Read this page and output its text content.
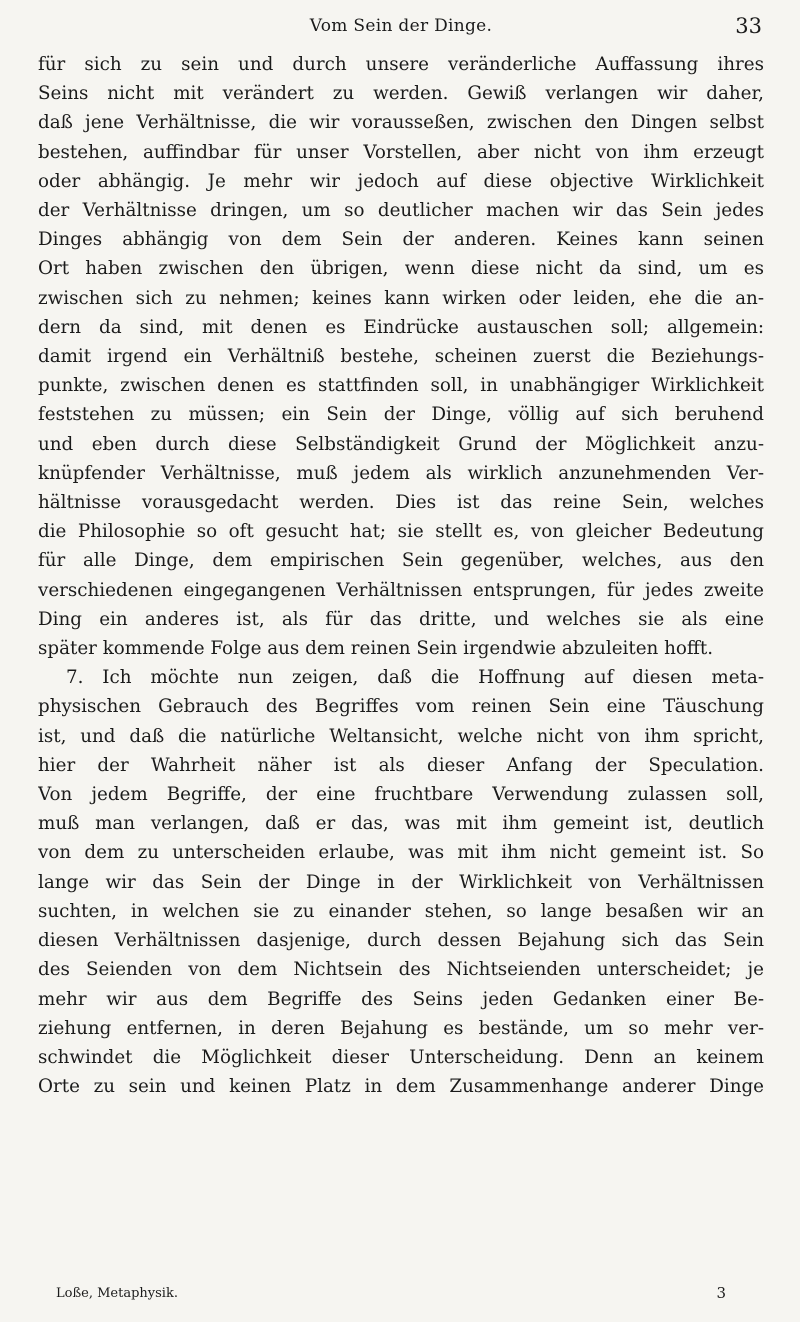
Vom Sein der Dinge.	33
für sich zu sein und durch unsere veränderliche Auffassung ihres
Seins nicht mit verändert zu werden. Gewiß verlangen wir daher,
daß jene Verhältnisse, die wir vorausseßen, zwischen den Dingen selbst
bestehen, auffindbar für unser Vorstellen, aber nicht von ihm erzeugt
oder abhängig. Je mehr wir jedoch auf diese objective Wirklichkeit
der Verhältnisse dringen, um so deutlicher machen wir das Sein jedes
Dinges abhängig von dem Sein der anderen. Keines kann seinen
Ort haben zwischen den übrigen, wenn diese nicht da sind, um es
zwischen sich zu nehmen; keines kann wirken oder leiden, ehe die an-
dern da sind, mit denen es Eindrücke austauschen soll; allgemein:
damit irgend ein Verhältniß bestehe, scheinen zuerst die Beziehungs-
punkte, zwischen denen es stattfinden soll, in unabhängiger Wirklichkeit
feststehen zu müssen; ein Sein der Dinge, völlig auf sich beruhend
und eben durch diese Selbständigkeit Grund der Möglichkeit anzu-
knüpfender Verhältnisse, muß jedem als wirklich anzunehmenden Ver-
hältnisse vorausgedacht werden. Dies ist das reine Sein, welches
die Philosophie so oft gesucht hat; sie stellt es, von gleicher Bedeutung
für alle Dinge, dem empirischen Sein gegenüber, welches, aus den
verschiedenen eingegangenen Verhältnissen entsprungen, für jedes zweite
Ding ein anderes ist, als für das dritte, und welches sie als eine
später kommende Folge aus dem reinen Sein irgendwie abzuleiten hofft.
7. Ich möchte nun zeigen, daß die Hoffnung auf diesen meta-
physischen Gebrauch des Begriffes vom reinen Sein eine Täuschung
ist, und daß die natürliche Weltansicht, welche nicht von ihm spricht,
hier der Wahrheit näher ist als dieser Anfang der Speculation.
Von jedem Begriffe, der eine fruchtbare Verwendung zulassen soll,
muß man verlangen, daß er das, was mit ihm gemeint ist, deutlich
von dem zu unterscheiden erlaube, was mit ihm nicht gemeint ist. So
lange wir das Sein der Dinge in der Wirklichkeit von Verhältnissen
suchten, in welchen sie zu einander stehen, so lange besaßen wir an
diesen Verhältnissen dasjenige, durch dessen Bejahung sich das Sein
des Seienden von dem Nichtsein des Nichtseienden unterscheidet; je
mehr wir aus dem Begriffe des Seins jeden Gedanken einer Be-
ziehung entfernen, in deren Bejahung es bestände, um so mehr ver-
schwindet die Möglichkeit dieser Unterscheidung. Denn an keinem
Orte zu sein und keinen Platz in dem Zusammenhange anderer Dinge
Loße, Metaphysik.	3
